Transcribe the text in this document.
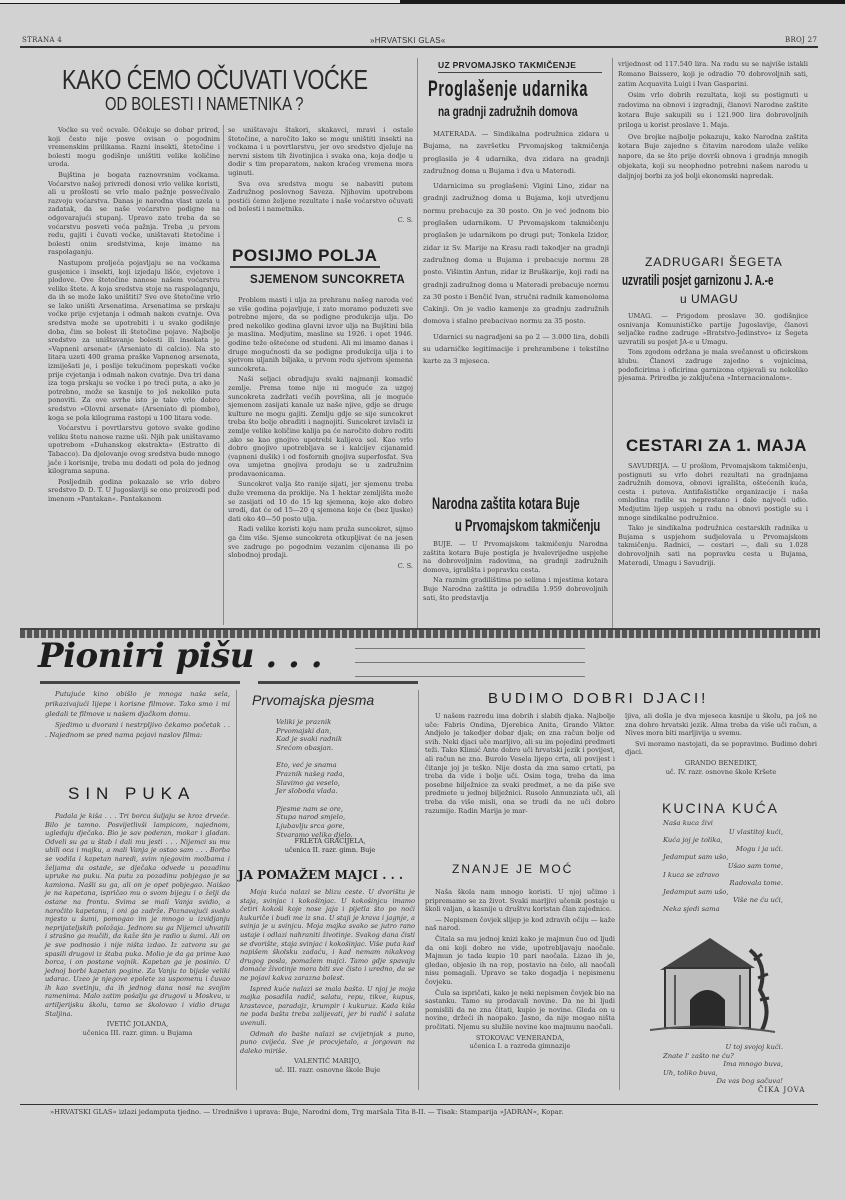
STRANA 4	»HRVATSKI GLAS«	BROJ 27
KAKO ĆEMO OČUVATI VOĆKE
OD BOLESTI I NAMETNIKA ?

Voćke su već ocvale. Očekuje se dobar prirod, koji često nije posve ovisan o pogodnim vremenskim prilikama. Razni insekti, štetočine i bolesti mogu godišnje uništiti velike količine uroda.

Bujština je bogata raznovrsnim voćkama. Voćarstvo našoj privredi donosi vrlo velike koristi, ali u prošlosti se vrlo malo pažnje posvećivalo razvoju voćarstva. Danas je narodna vlast uzela u zadatak, da se naše voćarstvo podigne na odgovarajući stupanj. Upravo zato treba da se voćarstvu posveti veća pažnja. Treba ,u prvom redu, gajiti i čuvati voćke, uništavati štetočine i bolesti onim sredstvima, koje imamo na raspolaganju.

Nastupom proljeća pojavljaju se na voćkama gusjenice i insekti, koji izjedaju lišće, cvjetove i plodove. Ove štetočine nanose našem voćarstvu velike štete. A koja sredstva stoje na raspolaganju, da ih se može lako uništiti? Sve ove štetočine vrlo se lako uništi Arsenatima. Arsenatima se prskaju voćke prije cvjetanja i odmah nakon cvatnje. Ova sredstva može se upotrebiti i u svako godišnje doba, čim se bolest ili štetočine pojave. Najbolje sredstvo za uništavanje bolesti ili insekata je »Vapneni arsenat« (Arseniato di calcio). Na sto litara uzeti 400 grama praške Vapnenog arsenata, izmiješati je, i poslije tekućinom poprskati voćke prije cvjetanja i odmah nakon cvatnje. Dva tri dana iza toga prskaju se voćke i po treći puta, a ako je potrebno, može se kasnije to još nekoliko puta ponoviti. Za ove svrhe isto je tako vrlo dobro sredstvo »Olovni arsenat« (Arseniato di piombo), koga se pola kilograma rastopi u 100 litara vode.

Voćarstvu i povrtlarstvu gotovo svake godine veliku štetu nanose razne uši. Njih pak uništavamo upotrebom »Duhanskog ekstrakta« (Estratto di Tabacco). Da djelovanje ovog sredstva bude mnogo jače i korisnije, treba mu dodati od pola do jednog kilograma sapuna.

Posljednih godina pokazalo se vrlo dobro sredstvo D. D. T. U Jugoslaviji se ono proizvodi pod imenom »Pantakan«. Pantakanom

se uništavaju štakori, skakavci, mravi i ostale štetočine, a naročito lako se mogu uništiti insekti na voćkama i u povrtlarstvu, jer ovo sredstvo djeluje na nervni sistem tih životinjica i svaka ona, koja dodje u dodir s tim preparatom, nakon kraćeg vremena mora uginuti.

Sva ova sredstva mogu se nabaviti putem Zadružnog poslovnog Saveza. Njihovim upotrebom postići ćemo željene rezultate i naše voćarstvo očuvati od bolesti i nametnika.

C. S.
POSIJMO POLJA
SJEMENOM SUNCOKRETA

Problem masti i ulja za prehranu našeg naroda već se više godina pojavljuje, i zato moramo poduzeti sve potrebne mjere, da se podigne produkcija ulja. Do pred nekoliko godina glavni izvor ulja na Bujštini bila je maslina. Medjutim, masline su 1926. i opet 1946. godine teže oštećene od studeni. Ali mi imamo danas i druge mogućnosti da se podigne produkcija ulja i to sjetvom uljanih biljaka, u prvom redu sjetvom sjemena suncokreta.

Naši seljaci obradjuju svaki najmanji komadić zemlje. Prema tome nije ni moguće za uzgoj suncokreta zadržati većih površina, ali je moguće sjemenom zasijati kanale uz naše njive, gdje se druge kulture ne mogu gajiti. Zemlju gdje se sije suncokret treba što bolje obraditi i nagnojiti. Suncokret izvlači iz zemlje velike količine kalija pa će naročito dobro roditi ,ako se kao gnojivo upotrebi kalijeva sol. Kao vrlo dobro gnojivo upotrebljava se i kalcijev cijanamid (vapneni dušik) i od fosfornih gnojiva superfosfat. Sva ova umjetna gnojiva prodaju se u zadružnim prodavaonicama.

Suncokret valja što ranije sijati, jer sjemenu treba duže vremena da proklije. Na 1 hektar zemljišta može se zasijati od 10 do 15 kg sjemena, koje ako dobro urodi, dat će od 15—20 q sjemena koje će (bez ljuske) dati oko 40—50 posto ulja.

Radi velike koristi koju nam pruža suncokret, sijmo ga čim više. Sjeme suncokreta otkupljivat će na jesen sve zadruge po pogodnim vezanim cijenama ili po slobodnoj prodaji.

C. S.
UZ PRVOMAJSKO TAKMIČENJE
Proglašenje udarnika
na gradnji zadružnih domova

MATERADA. — Sindikalna podružnica zidara u Bujama, na završetku Prvomajskog takmičenja proglasila je 4 udarnika, dva zidara na gradnji zadružnog doma u Bujama i dva u Materadi.

Udarnicima su proglašeni: Vigini Lino, zidar na gradnji zadružnog doma u Bujama, koji utvrdjenu normu prebacuje za 30 posto. On je već jednom bio proglašen udarnikom. U Prvomajskom takmičenju proglašen je udarnikom po drugi put; Tonkela Izidor, zidar iz Sv. Marije na Krasu radi takodjer na gradnji zadružnog doma u Bujama i prebacuje normu 28 posto. Višintin Antun, zidar iz Bruškarije, koji radi na gradnji zadružnog doma u Materadi prebacuje normu za 30 posto i Benčić Ivan, stručni radnik kamenoloma Cakinji. On je vadio kamenje za gradnju zadružnih domova i stalno prebacivao normu za 35 posto.

Udarnici su nagradjeni sa po 2 — 3.000 lira, dobili su udarničke legitimacije i prehrambene i tekstilne karte za 3 mjeseca.

Narodna zaštita kotara Buje
u Prvomajskom takmičenju

BUJE. — U Prvomajskom takmičenju Narodna zaštita kotara Buje postigla je hvalevrijedne uspjehe na dobrovoljnim radovima, na gradnji zadružnih domova, igrališta i popravku cesta.

Na raznim gradilištima po selima i mjestima kotara Buje Narodna zaštita je odradila 1.959 dobrovoljnih sati, što predstavlja

vrijednost od 117.540 lira. Na radu su se najviše istakli Romano Baissero, koji je odradio 70 dobrovoljnih sati, zatim Acquavita Luigi i Ivan Gasparini.

Osim vrlo dobrih rezultata, koji su postignuti u radovima na obnovi i izgradnji, članovi Narodne zaštite kotara Buje sakupili su i 121.900 lira dobrovoljnih priloga u korist proslave 1. Maja.

Ove brojke najbolje pokazuju, kako Narodna zaštita kotara Buje zajedno s čitavim narodom ulaže velike napore, da se što prije dovrši obnova i gradnja mnogih objekata, koji su neophodno potrebni našem narodu u daljnjoj borbi za još bolji ekonomski napredak.

ZADRUGARI ŠEGETA
uzvratili posjet garnizonu J. A.-e
u UMAGU

UMAG. — Prigodom proslave 30. godišnjice osnivanja Komunističke partije Jugoslavije, članovi seljačke radne zadruge »Bratstvo-Jedinstvo« iz Šegeta uzvratili su posjet JA-e u Umagu.

Tom zgodom održana je mala svečanost u oficirskom klubu. Članovi zadruge zajedno s vojnicima, podoficirima i oficirima garnizona otpjevali su nekoliko pjesama. Priredba je zaključena »Internacionalom«.

CESTARI ZA 1. MAJA

SAVUDRIJA. — U prošlom, Prvomajskom takmičenju, postignuti su vrlo dobri rezultati na gradnjama zadružnih domova, obnovi igrališta, oštećenih kuća, cesta i puteva. Antifašističke organizacije i naša omladina radile su neprestano i dale najveći udio. Medjutim lijep uspjeh u radu na obnovi postigle su i mnoge sindikalne podružnice.

Tako je sindikalna podružnica cestarskih radnika u Bujama s uspjehom sudjelovala u Prvomajskom takmičenju. Radnici, — cestari —, dali su 1.028 dobrovoljnih sati na popravku cesta u Bujama, Materadi, Umagu i Savudriji.

Pioniri pišu . . .

Putujuće kino obišlo je mnoga naša sela, prikazivajući lijepe i korisne filmove. Tako smo i mi gledali te filmove u našem djačkom domu.

Sjedimo u dvorani i nestrpljivo čekamo početak . . . Najednom se pred nama pojavi naslov filma:

SIN PUKA

Padala je kiša . . . Tri borca šuljaju se kroz drveće. Bilo je tamno. Posvijetlivši lampicom, najednom, ugledaju dječaka. Bio je sav poderan, mokar i gladan. Odveli su ga u štab i dali mu jesti . . . Nijemci su mu ubili oca i majku, a mali Vanja je ostao sam . . . Borba se vodila i kapetan naredi, svim njegovim molbama i željama da ostade, se dječaka odvede u pozadinu upruke na puku. Na putu za pozadinu pobjegao je sa kamiona. Našli su ga, ali on je opet pobjegao. Naišao je na kapetana, ispričao mu o svom bijegu i o želji da ostane na frontu. Svima se mali Vanja svidio, a naročito kapetanu, i oni ga zadrže. Poznavajući svako mjesto u šumi, pomogao im je mnogo u izvidjanju neprijateljskih položaja. Jednom su ga Nijemci uhvatili i strašno ga mučili, da kaže što je radio u šumi. Ali on je sve podnosio i nije ništa izdao. Iz zatvora su ga spasili drugovi iz štaba puka. Molio je da ga prime kao borca, i on postane vojnik. Kapetan ga je posinio. U jednoj borbi kapetan pogine. Za Vanju to bijaše veliki udarac. Uzeo je njegove epolete za uspomenu i čuvao ih kao svetinju, da ih jednog dana nosi na svojim ramenima. Malo zatim pošalju ga drugovi u Moskvu, u artiljerijsku školu, tamo se školovao i vidio druga Staljina.

IVETIĆ JOLANDA,
učenica III. razr. gimn. u Bujama
Prvomajska pjesma
Veliki je praznik
Prvomajski dan,
Kad je svaki radnik
Srećom obasjan.
Eto, već je snama
Praznik našeg rada,
Slavimo ga veselo,
Jer sloboda vlada.
Pjesme nam se ore,
Stupa narod smjelo,
Ljubavlju srca gore,
Stvaramo veliko djelo.
FRLETA GRACIJELA,
učenica II. razr. gimn. Buje
JA POMAŽEM MAJCI . . .

Moja kuća nalazi se blizu ceste. U dvorištu je staja, svinjac i kokošinjac. U kokošinjcu imamo četiri kokoši koje nose jaja i pijetla što po noći kukuriče i budi me iz sna. U staji je krava i jagnje, a svinja je u svinjcu. Moja majka svako se jutro rano ustaje i odlazi nahraniti životinje. Svakog dana čisti se dvorište, staja svinjac i kokošinjac. Više puta kad napišem školsku zadaću, i kad nemam nikakvog drugog posla, pomažem majci. Tamo gdje spavaju domaće životinje mora biti sve čisto i uredno, da se ne pojavi kakva zarazna bolest.

Ispred kuće nalazi se mala bašta. U njoj je moja majka posadila radič, salatu, repu, tikve, kupus, krastavce, paradajz, krumpir i kukuruz. Kada kiša ne pada bašta treba zalijevati, jer bi radič i salata uvenuli.

Odmah do bašte nalazi se cvijetnjak s puno, puno cvijeća. Sve je procvjetalo, a jorgovan na daleko miriše.

VALENTIĆ MARIJO,
uč. III. razr. osnovne škole Buje
BUDIMO DOBRI DJACI!

U našem razredu ima dobrih i slabih djaka. Najbolje uče: Fabris Ondina, Djerebica Anita, Grando Viktor. Andjelo je takodjer dobar djak; on zna račun bolje od svih. Neki djaci uče marljivo, ali su im pojedini predmeti teži. Tako Klimić Ante dobro uči hrvatski jezik i povijest, ali račun ne zna. Burolo Vesela lijepo crta, ali povijest i čitanje joj je teško. Nije dosta da zna samo crtati, pa treba da vide i bolje uči. Osim toga, treba da ima posebne bilježnice za svaki predmet, a ne da piše sve predmete u jednoj bilježnici. Rusolo Annunziata uči, ali treba da više misli, ona se trudi da ne uči dobro razumije. Radin Marija je mar-

ljiva, ali došla je dva mjeseca kasnije u školu, pa još ne zna dobro hrvatski jezik. Alma treba da više uči račun, a Nives mora biti marljivija u svemu.

Svi moramo nastojati, da se popravimo. Budimo dobri djaci.

GRANDO BENEDIKT,
uč. IV. razr. osnovne škole Kršete
ZNANJE JE MOĆ

Naša škola nam mnogo koristi. U njoj učimo i pripremamo se za život. Svaki marljivi učenik postaje u školi valjan, a kasnije u društvu koristan član zajednice.

— Nepismen čovjek slijep je kod zdravih očiju — kaže naš narod.

Čitala sa mu jednoj knizi kako je majmun čuo od ljudi da oni koji dobro ne vide, upotrebljavaju naočale. Majmun je tada kupio 10 pari naočala. Lizao ih je, gledao, objesio ih na rep, postavio na čelo, ali naočali nisu pomagali. Upravo se tako dogadja i nepismenu čovjeku.

Čula sa ispričati, kako je neki nepismen čovjek bio na sastanku. Tamo su prodavali novine. Da ne bi ljudi pomislili da ne zna čitati, kupio je novine. Gleda on u novine, držeći ih naopako. Jasno, da nije mogao ništa pročitati. Njemu su služile novine kao majmunu naočali.

STOKOVAC VENERANDA,
učenica I. a razreda gimnazije
KUCINA KUĆA
Naša kuca živi
U vlastitoj kući,
Kuća joj je tolika,
Mogu i ja ući.
Jedamput sam ušo,
Ušao sam tome,
I kuca se zdravo
Radovala tome.
Jedamput sam ušo,
Više ne ću ući,
Neka sjedi sama
U toj svojoj kući.
Znate l' zašto ne ću?
Ima mnogo buva,
Uh, toliko buva,
Da vas bog sačuva!
ČIKA JOVA
»HRVATSKI GLAS« izlazi jedamputa tjedno. — Urednišvo i uprava: Buje, Narodni dom, Trg maršala Tita 8-II. — Tisak: Stamparija »JADRAN«, Kopar.
